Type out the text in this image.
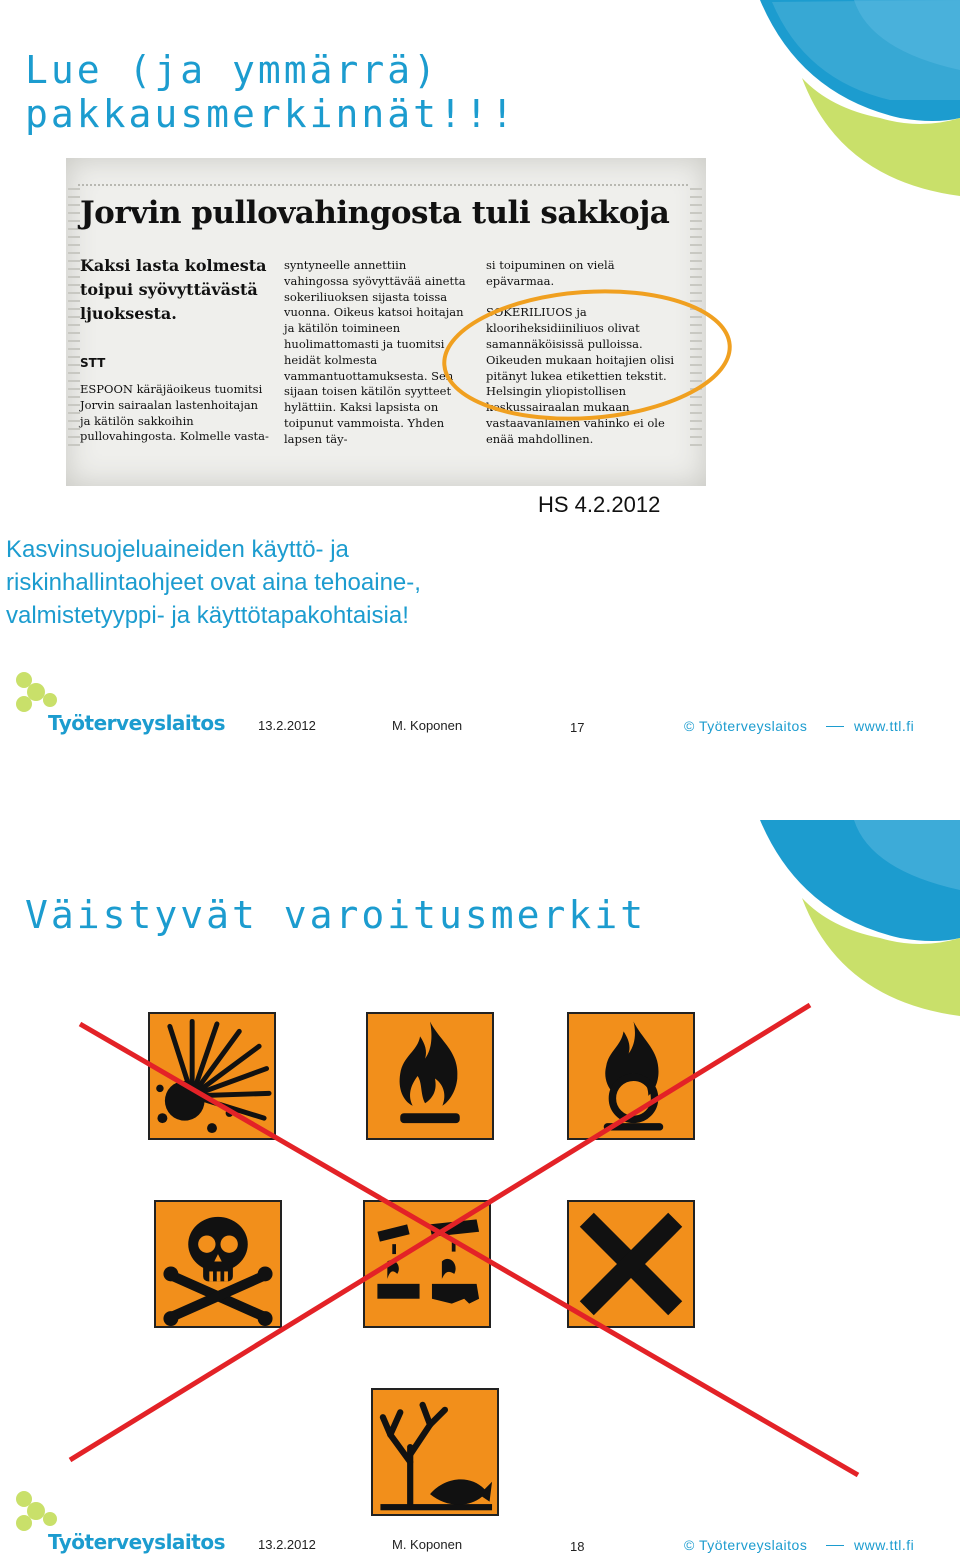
Lue (ja ymmärrä)
pakkausmerkinnät!!!
Jorvin pullovahingosta tuli sakkoja
Kaksi lasta kolmesta toipui syövyttävästä ljuoksesta.
STT
ESPOON käräjäoikeus tuomitsi Jorvin sairaalan lastenhoitajan ja kätilön sakkoihin pullovahingosta. Kolmelle vasta-
syntyneelle annettiin vahingossa syövyttävää ainetta sokeriliuoksen sijasta toissa vuonna. Oikeus katsoi hoitajan ja kätilön toimineen huolimattomasti ja tuomitsi heidät kolmesta vammantuottamuksesta. Sen sijaan toisen kätilön syytteet hylättiin. Kaksi lapsista on toipunut vammoista. Yhden lapsen täy-
si toipuminen on vielä epävarmaa.

SOKERILIUOS ja klooriheksidiiniliuos olivat samannäköisissä pulloissa. Oikeuden mukaan hoitajien olisi pitänyt lukea etikettien tekstit. Helsingin yliopistollisen keskussairaalan mukaan vastaavanlainen vahinko ei ole enää mahdollinen.
HS 4.2.2012

Kasvinsuojeluaineiden käyttö- ja riskinhallintaohjeet ovat aina tehoaine-, valmistetyyppi- ja käyttötapakohtaisia!

Työterveyslaitos	13.2.2012	M. Koponen	17	© Työterveyslaitos	www.ttl.fi
Väistyvät varoitusmerkit
Työterveyslaitos	13.2.2012	M. Koponen	18	© Työterveyslaitos	www.ttl.fi
